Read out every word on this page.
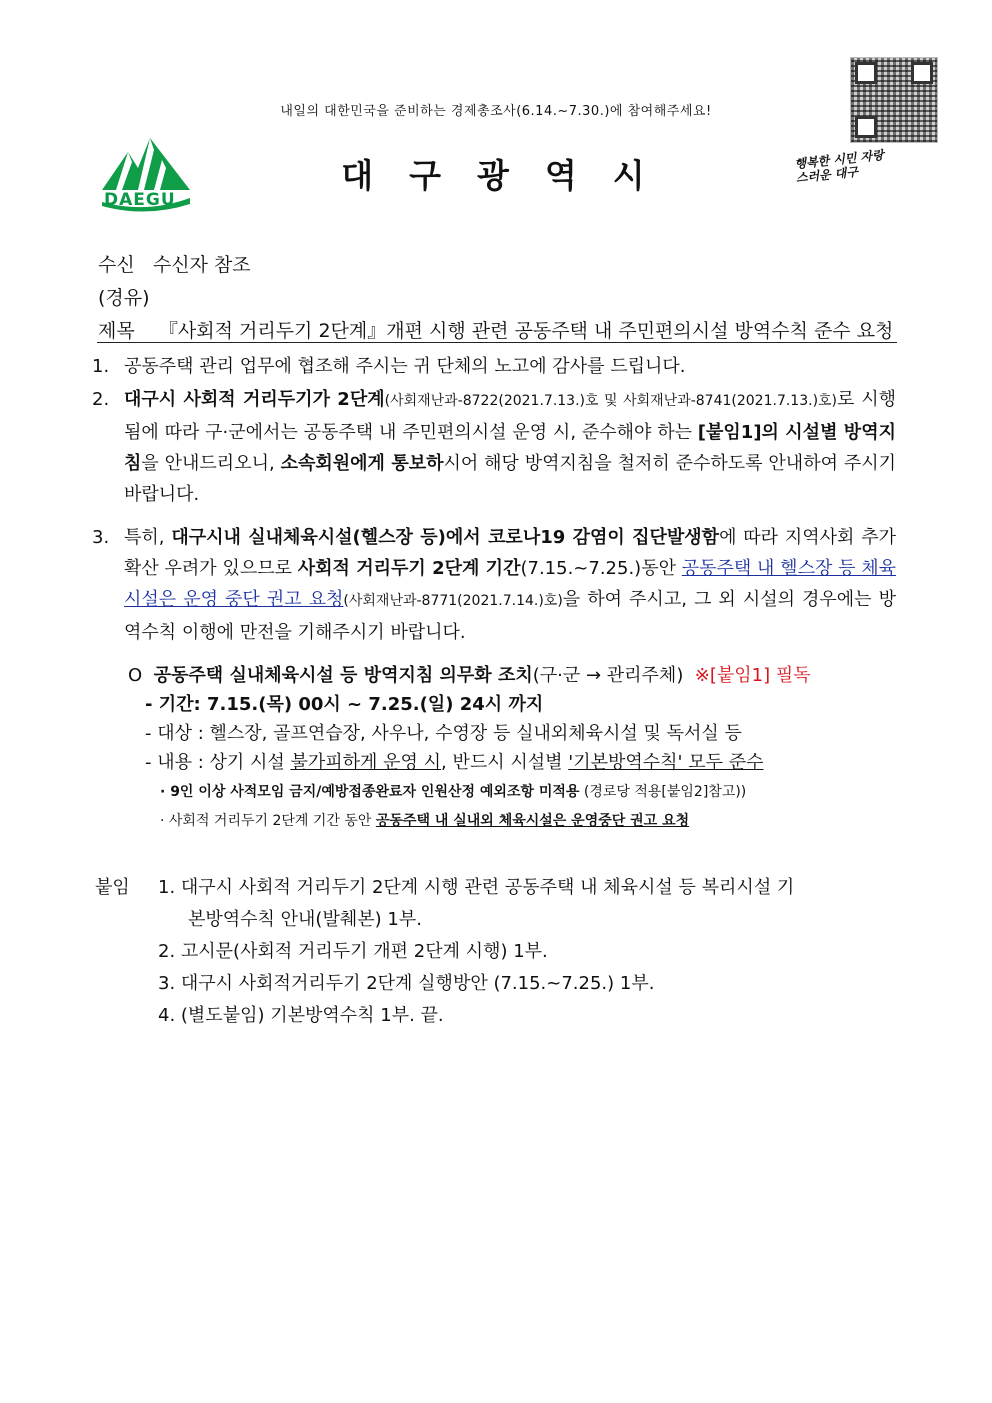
내일의 대한민국을 준비하는 경제총조사(6.14.~7.30.)에 참여해주세요!
DAEGU
대구광역시	행복한 시민 자랑스러운 대구
수신 수신자 참조
(경유)
제목 『사회적 거리두기 2단계』개편 시행 관련 공동주택 내 주민편의시설 방역수칙 준수 요청
1. 공동주택 관리 업무에 협조해 주시는 귀 단체의 노고에 감사를 드립니다.
2. 대구시 사회적 거리두기가 2단계(사회재난과-8722(2021.7.13.)호 및 사회재난과-8741(2021.7.13.)호)로 시행됨에 따라 구·군에서는 공동주택 내 주민편의시설 운영 시, 준수해야 하는 [붙임1]의 시설별 방역지침을 안내드리오니, 소속회원에게 통보하시어 해당 방역지침을 철저히 준수하도록 안내하여 주시기 바랍니다.
3. 특히, 대구시내 실내체육시설(헬스장 등)에서 코로나19 감염이 집단발생함에 따라 지역사회 추가 확산 우려가 있으므로 사회적 거리두기 2단계 기간(7.15.~7.25.)동안 공동주택 내 헬스장 등 체육시설은 운영 중단 권고 요청(사회재난과-8771(2021.7.14.)호)을 하여 주시고, 그 외 시설의 경우에는 방역수칙 이행에 만전을 기해주시기 바랍니다.
O 공동주택 실내체육시설 등 방역지침 의무화 조치(구·군 → 관리주체) ※[붙임1] 필독
- 기간: 7.15.(목) 00시 ~ 7.25.(일) 24시 까지
- 대상 : 헬스장, 골프연습장, 사우나, 수영장 등 실내외체육시설 및 독서실 등
- 내용 : 상기 시설 불가피하게 운영 시, 반드시 시설별 '기본방역수칙' 모두 준수
· 9인 이상 사적모임 금지/예방접종완료자 인원산정 예외조항 미적용 (경로당 적용[붙임2]참고))
· 사회적 거리두기 2단계 기간 동안 공동주택 내 실내외 체육시설은 운영중단 권고 요청
붙임 1. 대구시 사회적 거리두기 2단계 시행 관련 공동주택 내 체육시설 등 복리시설 기
본방역수칙 안내(발췌본) 1부.
2. 고시문(사회적 거리두기 개편 2단계 시행) 1부.
3. 대구시 사회적거리두기 2단계 실행방안 (7.15.~7.25.) 1부.
4. (별도붙임) 기본방역수칙 1부. 끝.
